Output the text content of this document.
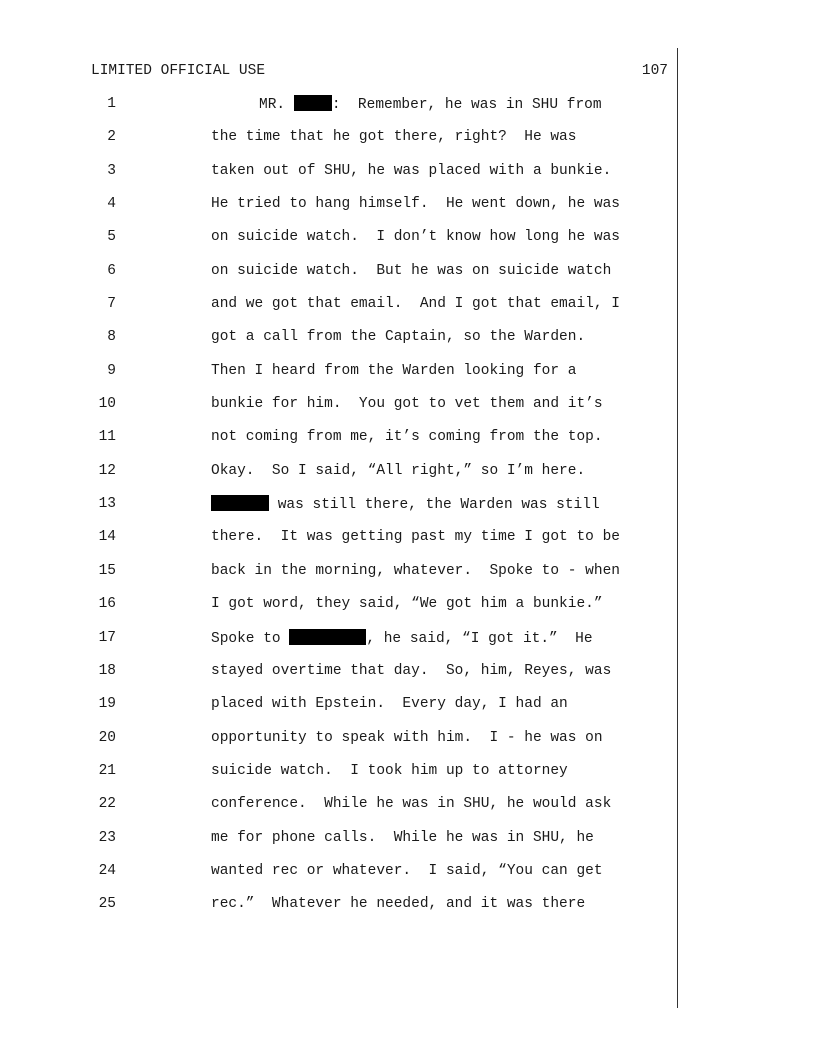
LIMITED OFFICIAL USE	107
1	MR.	:  Remember, he was in SHU from
2	the time that he got there, right?  He was
3	taken out of SHU, he was placed with a bunkie.
4	He tried to hang himself.  He went down, he was
5	on suicide watch.  I don’t know how long he was
6	on suicide watch.  But he was on suicide watch
7	and we got that email.  And I got that email, I
8	got a call from the Captain, so the Warden.
9	Then I heard from the Warden looking for a
10	bunkie for him.  You got to vet them and it’s
11	not coming from me, it’s coming from the top.
12	Okay.  So I said, “All right,” so I’m here.
13	was still there, the Warden was still
14	there.  It was getting past my time I got to be
15	back in the morning, whatever.  Spoke to - when
16	I got word, they said, “We got him a bunkie.”
17	Spoke to	, he said, “I got it.”  He
18	stayed overtime that day.  So, him, Reyes, was
19	placed with Epstein.  Every day, I had an
20	opportunity to speak with him.  I - he was on
21	suicide watch.  I took him up to attorney
22	conference.  While he was in SHU, he would ask
23	me for phone calls.  While he was in SHU, he
24	wanted rec or whatever.  I said, “You can get
25	rec.”  Whatever he needed, and it was there
